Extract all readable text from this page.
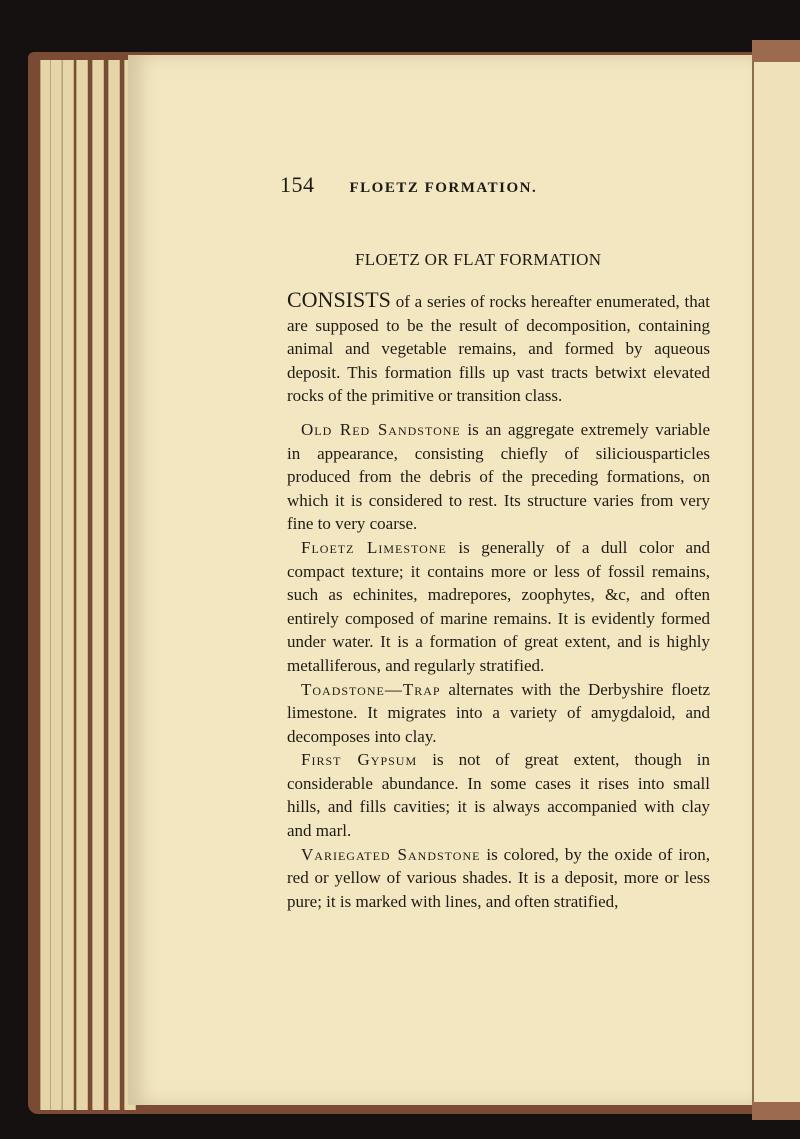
154 FLOETZ FORMATION.
FLOETZ OR FLAT FORMATION

CONSISTS of a series of rocks hereafter enumerated, that are supposed to be the result of decomposition, containing animal and vegetable remains, and formed by aqueous deposit. This formation fills up vast tracts betwixt elevated rocks of the primitive or transition class.

Old Red Sandstone is an aggregate extremely variable in appearance, consisting chiefly of siliciousparticles produced from the debris of the preceding formations, on which it is considered to rest. Its structure varies from very fine to very coarse.

Floetz Limestone is generally of a dull color and compact texture; it contains more or less of fossil remains, such as echinites, madrepores, zoophytes, &c, and often entirely composed of marine remains. It is evidently formed under water. It is a formation of great extent, and is highly metalliferous, and regularly stratified.

Toadstone—Trap alternates with the Derbyshire floetz limestone. It migrates into a variety of amygdaloid, and decomposes into clay.

First Gypsum is not of great extent, though in considerable abundance. In some cases it rises into small hills, and fills cavities; it is always accompanied with clay and marl.

Variegated Sandstone is colored, by the oxide of iron, red or yellow of various shades. It is a deposit, more or less pure; it is marked with lines, and often stratified,
